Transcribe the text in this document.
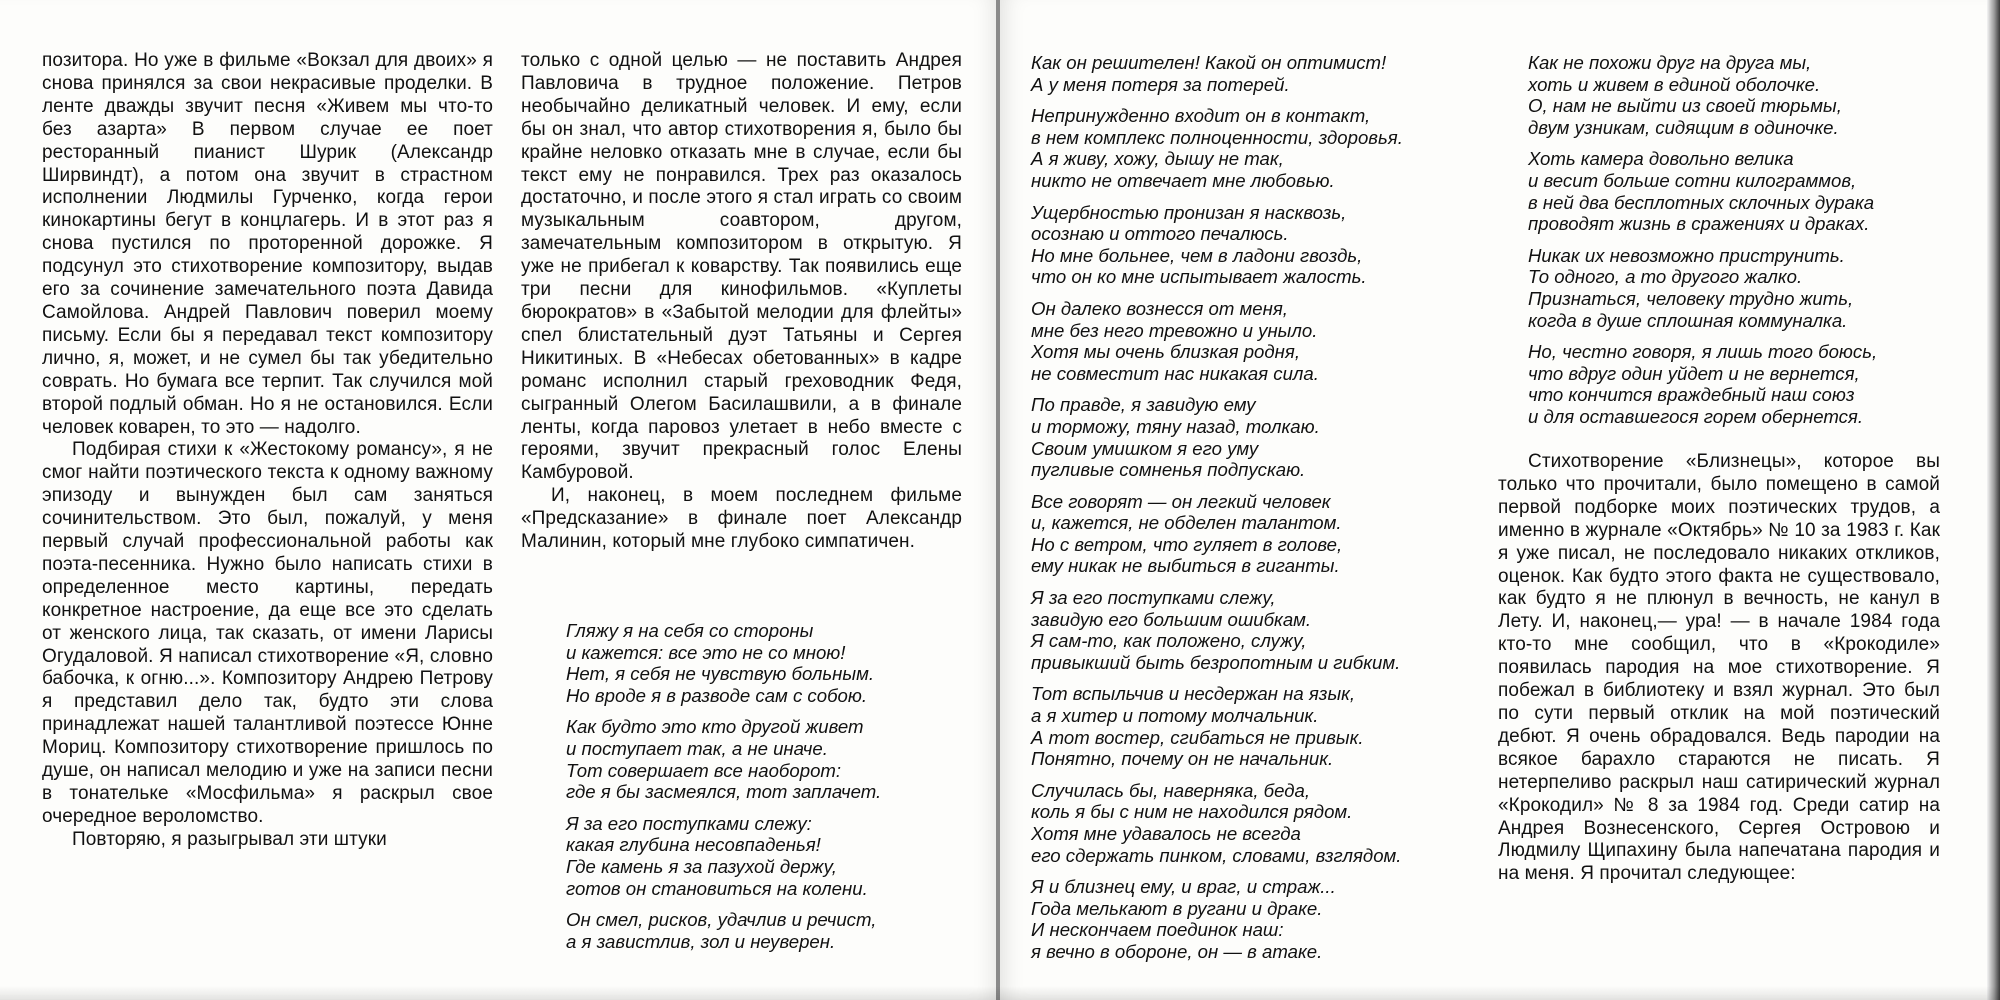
позитора. Но уже в фильме «Вокзал для двоих» я снова принялся за свои некрасивые проделки. В ленте дважды звучит песня «Живем мы что-то без азарта» В первом случае ее поет ресторанный пианист Шурик (Александр Ширвиндт), а потом она звучит в страстном исполнении Людмилы Гурченко, когда герои кинокартины бегут в концлагерь. И в этот раз я снова пустился по проторенной дорожке. Я подсунул это стихотворение композитору, выдав его за сочинение замечательного поэта Давида Самойлова. Андрей Павлович поверил моему письму. Если бы я передавал текст композитору лично, я, может, и не сумел бы так убедительно соврать. Но бумага все терпит. Так случился мой второй подлый обман. Но я не остановился. Если человек коварен, то это — надолго.

Подбирая стихи к «Жестокому романсу», я не смог найти поэтического текста к одному важному эпизоду и вынужден был сам заняться сочинительством. Это был, пожалуй, у меня первый случай профессиональной работы как поэта-песенника. Нужно было написать стихи в определенное место картины, передать конкретное настроение, да еще все это сделать от женского лица, так сказать, от имени Ларисы Огудаловой. Я написал стихотворение «Я, словно бабочка, к огню...». Композитору Андрею Петрову я представил дело так, будто эти слова принадлежат нашей талантливой поэтессе Юнне Мориц. Композитору стихотворение пришлось по душе, он написал мелодию и уже на записи песни в тонательке «Мосфильма» я раскрыл свое очередное вероломство.

Повторяю, я разыгрывал эти штуки

только с одной целью — не поставить Андрея Павловича в трудное положение. Петров необычайно деликатный человек. И ему, если бы он знал, что автор стихотворения я, было бы крайне неловко отказать мне в случае, если бы текст ему не понравился. Трех раз оказалось достаточно, и после этого я стал играть со своим музыкальным соавтором, другом, замечательным композитором в открытую. Я уже не прибегал к коварству. Так появились еще три песни для кинофильмов. «Куплеты бюрократов» в «Забытой мелодии для флейты» спел блистательный дуэт Татьяны и Сергея Никитиных. В «Небесах обетованных» в кадре романс исполнил старый греховодник Федя, сыгранный Олегом Басилашвили, а в финале ленты, когда паровоз улетает в небо вместе с героями, звучит прекрасный голос Елены Камбуровой.

И, наконец, в моем последнем фильме «Предсказание» в финале поет Александр Малинин, который мне глубоко симпатичен.

Гляжу я на себя со стороны
и кажется: все это не со мною!
Нет, я себя не чувствую больным.
Но вроде я в разводе сам с собою.
Как будто это кто другой живет
и поступает так, а не иначе.
Тот совершает все наоборот:
где я бы засмеялся, тот заплачет.
Я за его поступками слежу:
какая глубина несовпаденья!
Где камень я за пазухой держу,
готов он становиться на колени.
Он смел, рисков, удачлив и речист,
а я завистлив, зол и неуверен.
Как он решителен! Какой он оптимист!
А у меня потеря за потерей.
Непринужденно входит он в контакт,
в нем комплекс полноценности, здоровья.
А я живу, хожу, дышу не так,
никто не отвечает мне любовью.
Ущербностью пронизан я насквозь,
осознаю и оттого печалюсь.
Но мне больнее, чем в ладони гвоздь,
что он ко мне испытывает жалость.
Он далеко вознесся от меня,
мне без него тревожно и уныло.
Хотя мы очень близкая родня,
не совместит нас никакая сила.
По правде, я завидую ему
и торможу, тяну назад, толкаю.
Своим умишком я его уму
пугливые сомненья подпускаю.
Все говорят — он легкий человек
и, кажется, не обделен талантом.
Но с ветром, что гуляет в голове,
ему никак не выбиться в гиганты.
Я за его поступками слежу,
завидую его большим ошибкам.
Я сам-то, как положено, служу,
привыкший быть безропотным и гибким.
Тот вспыльчив и несдержан на язык,
а я хитер и потому молчальник.
А тот востер, сгибаться не привык.
Понятно, почему он не начальник.
Случилась бы, наверняка, беда,
коль я бы с ним не находился рядом.
Хотя мне удавалось не всегда
его сдержать пинком, словами, взглядом.
Я и близнец ему, и враг, и страж...
Года мелькают в ругани и драке.
И нескончаем поединок наш:
я вечно в обороне, он — в атаке.
Как не похожи друг на друга мы,
хоть и живем в единой оболочке.
О, нам не выйти из своей тюрьмы,
двум узникам, сидящим в одиночке.
Хоть камера довольно велика
и весит больше сотни килограммов,
в ней два бесплотных склочных дурака
проводят жизнь в сражениях и драках.
Никак их невозможно приструнить.
То одного, а то другого жалко.
Признаться, человеку трудно жить,
когда в душе сплошная коммуналка.
Но, честно говоря, я лишь того боюсь,
что вдруг один уйдет и не вернется,
что кончится враждебный наш союз
и для оставшегося горем обернется.

Стихотворение «Близнецы», которое вы только что прочитали, было помещено в самой первой подборке моих поэтических трудов, а именно в журнале «Октябрь» № 10 за 1983 г. Как я уже писал, не последовало никаких откликов, оценок. Как будто этого факта не существовало, как будто я не плюнул в вечность, не канул в Лету. И, наконец,— ура! — в начале 1984 года кто-то мне сообщил, что в «Крокодиле» появилась пародия на мое стихотворение. Я побежал в библиотеку и взял журнал. Это был по сути первый отклик на мой поэтический дебют. Я очень обрадовался. Ведь пародии на всякое барахло стараются не писать. Я нетерпеливо раскрыл наш сатирический журнал «Крокодил» № 8 за 1984 год. Среди сатир на Андрея Вознесенского, Сергея Островою и Людмилу Щипахину была напечатана пародия и на меня. Я прочитал следующее:
